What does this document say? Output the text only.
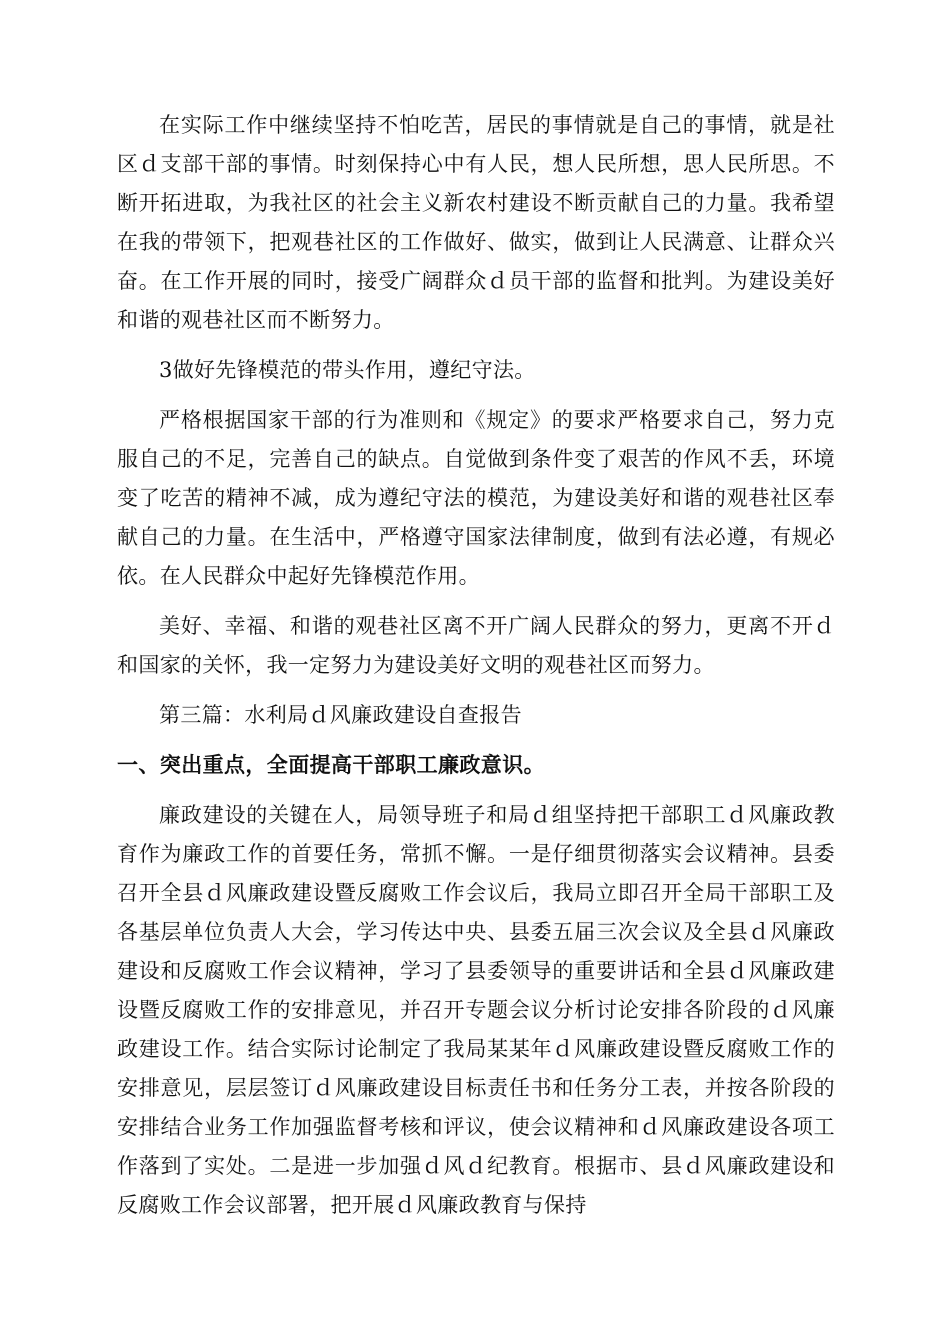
在实际工作中继续坚持不怕吃苦，居民的事情就是自己的事情，就是社区ｄ支部干部的事情。时刻保持心中有人民，想人民所想，思人民所思。不断开拓进取，为我社区的社会主义新农村建设不断贡献自己的力量。我希望在我的带领下，把观巷社区的工作做好、做实，做到让人民满意、让群众兴奋。在工作开展的同时，接受广阔群众ｄ员干部的监督和批判。为建设美好和谐的观巷社区而不断努力。

3做好先锋模范的带头作用，遵纪守法。

严格根据国家干部的行为准则和《规定》的要求严格要求自己，努力克服自己的不足，完善自己的缺点。自觉做到条件变了艰苦的作风不丢，环境变了吃苦的精神不减，成为遵纪守法的模范，为建设美好和谐的观巷社区奉献自己的力量。在生活中，严格遵守国家法律制度，做到有法必遵，有规必依。在人民群众中起好先锋模范作用。

美好、幸福、和谐的观巷社区离不开广阔人民群众的努力，更离不开ｄ和国家的关怀，我一定努力为建设美好文明的观巷社区而努力。

第三篇：水利局ｄ风廉政建设自查报告

一、突出重点，全面提高干部职工廉政意识。

廉政建设的关键在人，局领导班子和局ｄ组坚持把干部职工ｄ风廉政教育作为廉政工作的首要任务，常抓不懈。一是仔细贯彻落实会议精神。县委召开全县ｄ风廉政建设暨反腐败工作会议后，我局立即召开全局干部职工及各基层单位负责人大会，学习传达中央、县委五届三次会议及全县ｄ风廉政建设和反腐败工作会议精神，学习了县委领导的重要讲话和全县ｄ风廉政建设暨反腐败工作的安排意见，并召开专题会议分析讨论安排各阶段的ｄ风廉政建设工作。结合实际讨论制定了我局某某年ｄ风廉政建设暨反腐败工作的安排意见，层层签订ｄ风廉政建设目标责任书和任务分工表，并按各阶段的安排结合业务工作加强监督考核和评议，使会议精神和ｄ风廉政建设各项工作落到了实处。二是进一步加强ｄ风ｄ纪教育。根据市、县ｄ风廉政建设和反腐败工作会议部署，把开展ｄ风廉政教育与保持
